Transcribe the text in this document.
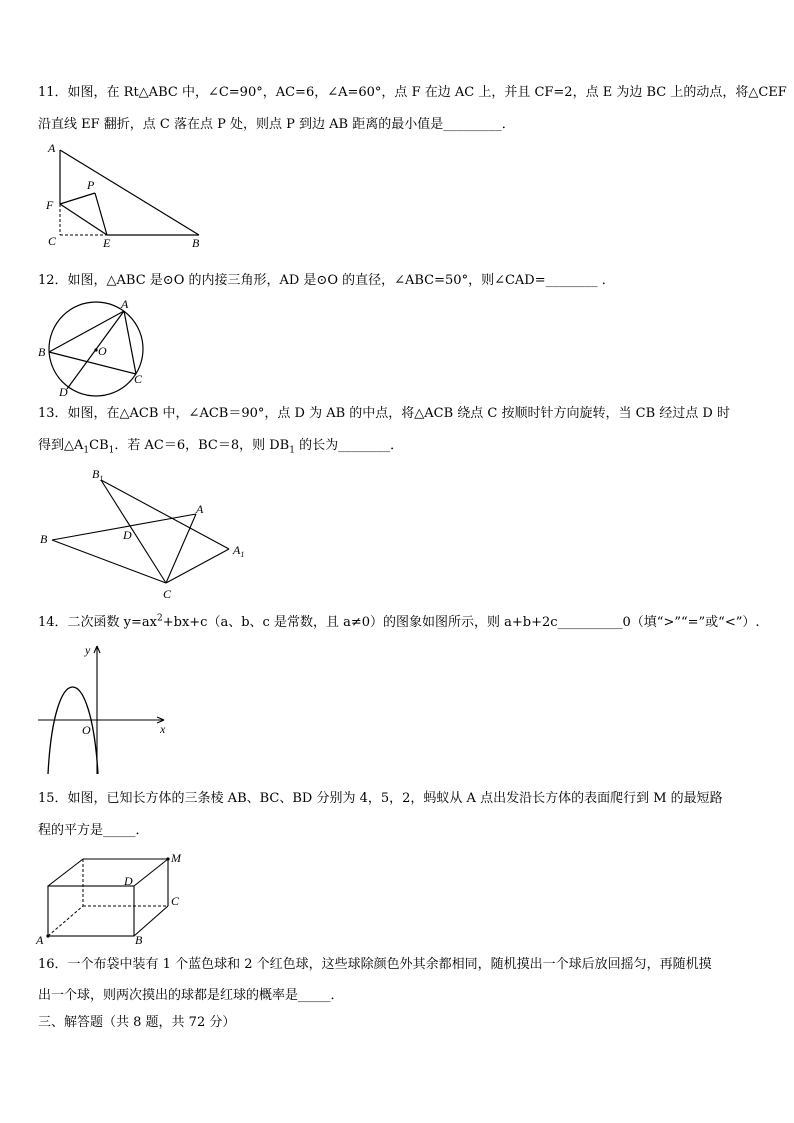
11．如图，在 Rt△ABC 中，∠C=90°，AC=6，∠A=60°，点 F 在边 AC 上，并且 CF=2，点 E 为边 BC 上的动点，将△CEF
沿直线 EF 翻折，点 C 落在点 P 处，则点 P 到边 AB 距离的最小值是_________．
A
F
C	E	B
P
12．如图，△ABC 是⊙O 的内接三角形，AD 是⊙O 的直径，∠ABC=50°，则∠CAD=________ ．
A
B
C
D
O
13．如图，在△ACB 中，∠ACB＝90°，点 D 为 AB 的中点，将△ACB 绕点 C 按顺时针方向旋转，当 CB 经过点 D 时
得到$\triangle A_1CB_1$．若 AC＝6，BC＝8，则 $DB_1$ 的长为________．
$B_1$
A
B	D
$A_1$
C
14．二次函数 $y=ax^2+bx+c(a$、b、c 是常数，且 a≠0）的图象如图所示，则 a+b+2c__________0（填“>”“=”或“<”）.
y
x
O
15．如图，已知长方体的三条棱 AB、BC、BD 分别为 4，5，2，蚂蚁从 A 点出发沿长方体的表面爬行到 M 的最短路
程的平方是_____．
M
D
C
A	B
16．一个布袋中装有 1 个蓝色球和 2 个红色球，这些球除颜色外其余都相同，随机摸出一个球后放回摇匀，再随机摸
出一个球，则两次摸出的球都是红球的概率是_____．
三、解答题（共 8 题，共 72 分）
